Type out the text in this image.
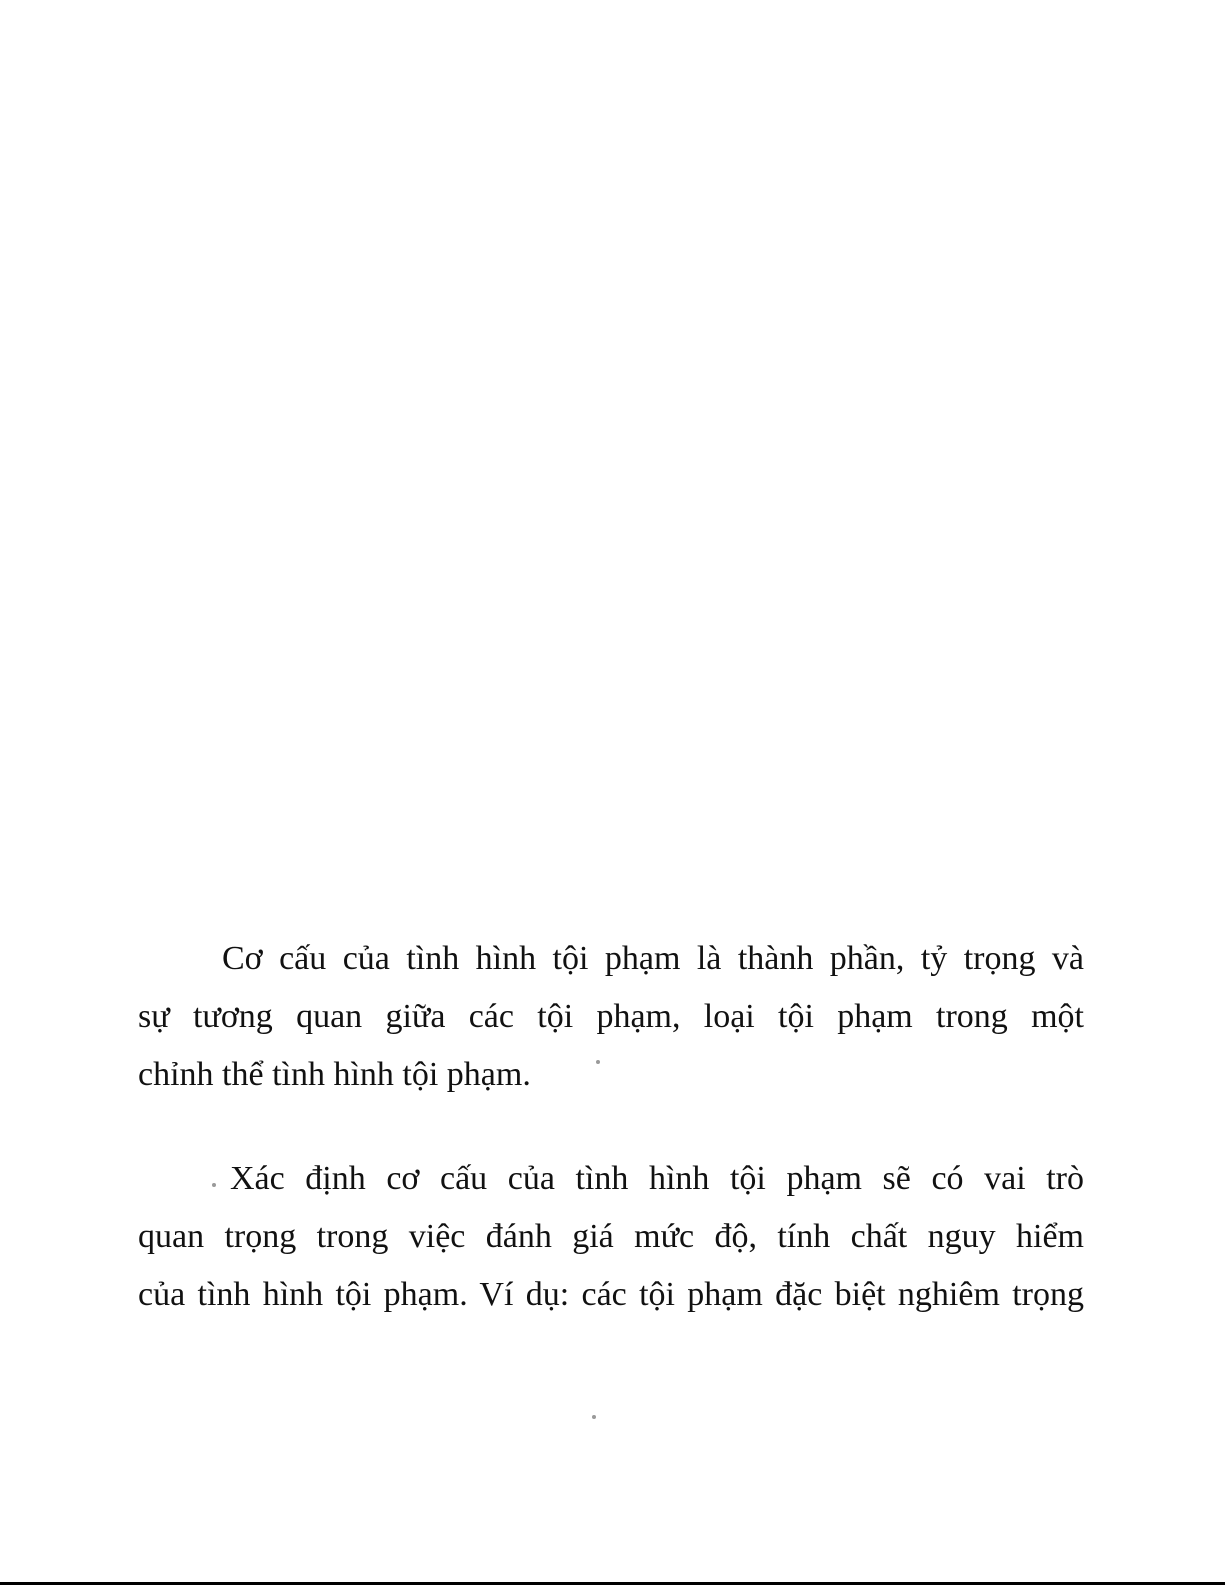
Cơ cấu của tình hình tội phạm là thành phần, tỷ trọng và
sự tương quan giữa các tội phạm, loại tội phạm trong một
chỉnh thể tình hình tội phạm.
Xác định cơ cấu của tình hình tội phạm sẽ có vai trò
quan trọng trong việc đánh giá mức độ, tính chất nguy hiểm
của tình hình tội phạm. Ví dụ: các tội phạm đặc biệt nghiêm trọng
